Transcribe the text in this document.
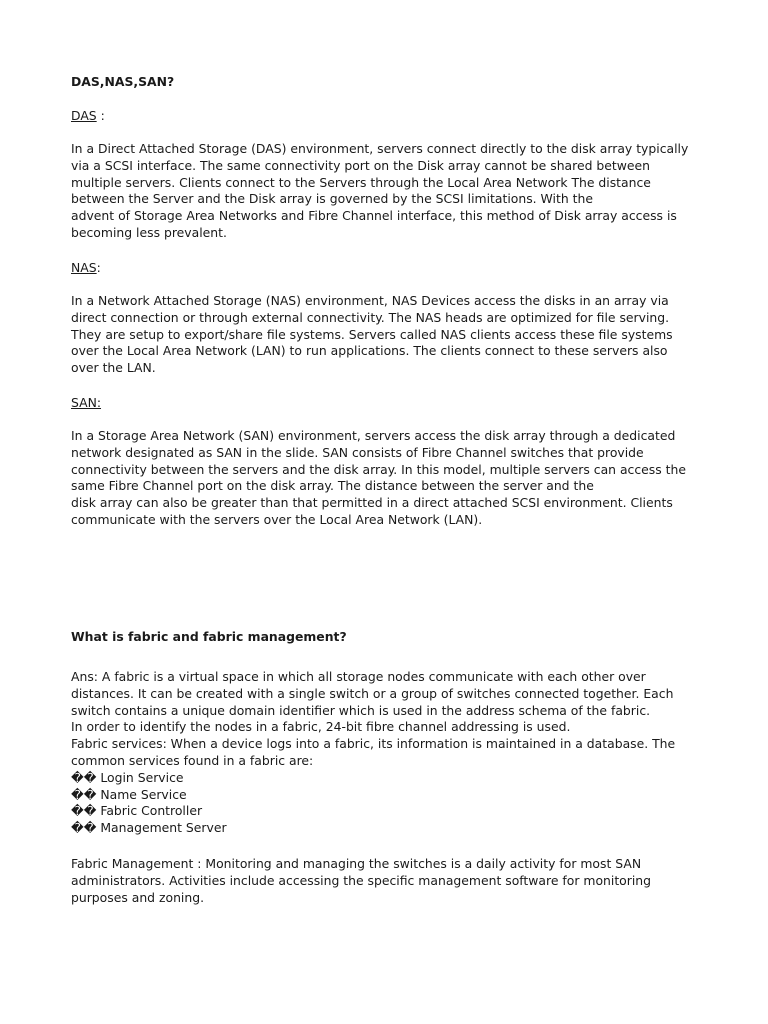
DAS,NAS,SAN?
DAS :
In a Direct Attached Storage (DAS) environment, servers connect directly to the disk array typically
via a SCSI interface. The same connectivity port on the Disk array cannot be shared between
multiple servers. Clients connect to the Servers through the Local Area Network The distance
between the Server and the Disk array is governed by the SCSI limitations. With the
advent of Storage Area Networks and Fibre Channel interface, this method of Disk array access is
becoming less prevalent.
NAS:
In a Network Attached Storage (NAS) environment, NAS Devices access the disks in an array via
direct connection or through external connectivity. The NAS heads are optimized for file serving.
They are setup to export/share file systems. Servers called NAS clients access these file systems
over the Local Area Network (LAN) to run applications. The clients connect to these servers also
over the LAN.
SAN:
In a Storage Area Network (SAN) environment, servers access the disk array through a dedicated
network designated as SAN in the slide. SAN consists of Fibre Channel switches that provide
connectivity between the servers and the disk array. In this model, multiple servers can access the
same Fibre Channel port on the disk array. The distance between the server and the
disk array can also be greater than that permitted in a direct attached SCSI environment. Clients
communicate with the servers over the Local Area Network (LAN).
What is fabric and fabric management?
Ans: A fabric is a virtual space in which all storage nodes communicate with each other over
distances. It can be created with a single switch or a group of switches connected together. Each
switch contains a unique domain identifier which is used in the address schema of the fabric.
In order to identify the nodes in a fabric, 24-bit fibre channel addressing is used.
Fabric services: When a device logs into a fabric, its information is maintained in a database. The
common services found in a fabric are:
�� Login Service
�� Name Service
�� Fabric Controller
�� Management Server
Fabric Management : Monitoring and managing the switches is a daily activity for most SAN
administrators. Activities include accessing the specific management software for monitoring
purposes and zoning.
